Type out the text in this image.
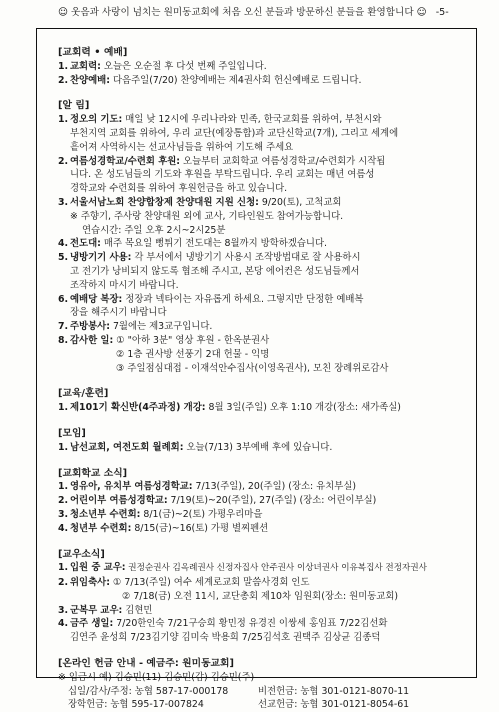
☺ 웃음과 사랑이 넘치는 원미동교회에 처음 오신 분들과 방문하신 분들을 환영합니다 ☺ -5-
[교회력 • 예배]
1. 교회력: 오늘은 오순절 후 다섯 번째 주일입니다.
2. 찬양예배: 다음주일(7/20) 찬양예배는 제4권사회 헌신예배로 드립니다.
[알 림]
1. 정오의 기도: 매일 낮 12시에 우리나라와 민족, 한국교회를 위하여, 부천시와
부천지역 교회를 위하여, 우리 교단(예장통합)과 교단신학교(7개), 그리고 세계에
흩어져 사역하시는 선교사님들을 위하여 기도해 주세요
2. 여름성경학교/수련회 후원: 오늘부터 교회학교 여름성경학교/수련회가 시작됩
니다. 온 성도님들의 기도와 후원을 부탁드립니다. 우리 교회는 매년 여름성
경학교와 수련회를 위하여 후원헌금을 하고 있습니다.
3. 서울서남노회 찬양합창제 찬양대원 지원 신청: 9/20(토), 고척교회
※ 주향기, 주사랑 찬양대원 외에 교사, 기타인원도 참여가능합니다.
연습시간: 주일 오후 2시~2시25분
4. 전도대: 매주 목요일 뻥튀기 전도대는 8월까지 방학하겠습니다.
5. 냉방기기 사용: 각 부서에서 냉방기기 사용시 조작방법대로 잘 사용하시
고 전기가 낭비되지 않도록 협조해 주시고, 본당 에어컨은 성도님들께서
조작하지 마시기 바랍니다.
6. 예배당 복장: 정장과 넥타이는 자유롭게 하세요. 그렇지만 단정한 예배복
장을 해주시기 바랍니다
7. 주방봉사: 7월에는 제3교구입니다.
8. 감사한 일: ① "아하 3분" 영상 후원 - 한옥분권사
② 1층 권사방 선풍기 2대 헌물 - 익명
③ 주일점심대접 - 이재석안수집사(이영옥권사), 모친 장례위로감사
[교육/훈련]
1. 제101기 확신반(4주과정) 개강: 8월 3일(주일) 오후 1:10 개강(장소: 새가족실)
[모임]
1. 남선교회, 여전도회 월례회: 오늘(7/13) 3부예배 후에 있습니다.
[교회학교 소식]
1. 영유아, 유치부 여름성경학교: 7/13(주일), 20(주일) (장소: 유치부실)
2. 어린이부 여름성경학교: 7/19(토)~20(주일), 27(주일) (장소: 어린이부실)
3. 청소년부 수련회: 8/1(금)~2(토) 가평우리마을
4. 청년부 수련회: 8/15(금)~16(토) 가평 별찌펜션
[교우소식]
1. 입원 중 교우: 권정순권사 김옥례권사 신정자집사 안주권사 이상녀권사 이유복집사 전정자권사
2. 위임축사: ① 7/13(주일) 여수 세계로교회 말씀사경회 인도
② 7/18(금) 오전 11시, 교단총회 제10차 임원회(장소: 원미동교회)
3. 군복무 교우: 김현민
4. 금주 생일: 7/20한인숙 7/21구승희 황민정 유경진 이쌍세 홍임표 7/22김선화
김연주 윤성희 7/23김기양 김미숙 박용희 7/25김석호 권택주 김상균 김종덕
[온라인 헌금 안내 - 예금주: 원미동교회]
※ 입금시 예) 김승민(11) 김승민(감) 김승민(주)
십일/감사/주정: 농협 587-17-000178	비전헌금: 농협 301-0121-8070-11
장학헌금: 농협 595-17-007824	선교헌금: 농협 301-0121-8054-61
